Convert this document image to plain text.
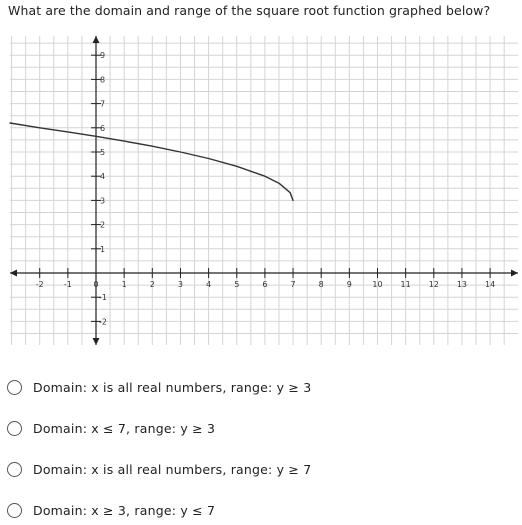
What are the domain and range of the square root function graphed below?
-2	-1	0	1	2	3	4	5	6	7	8	9	10 11 12 13 14
1
2
3
4
5
6
7
8
9
-1
-2
Domain: x is all real numbers, range: y ≥ 3
Domain: x ≤ 7, range: y ≥ 3
Domain: x is all real numbers, range: y ≥ 7
Domain: x ≥ 3, range: y ≤ 7
